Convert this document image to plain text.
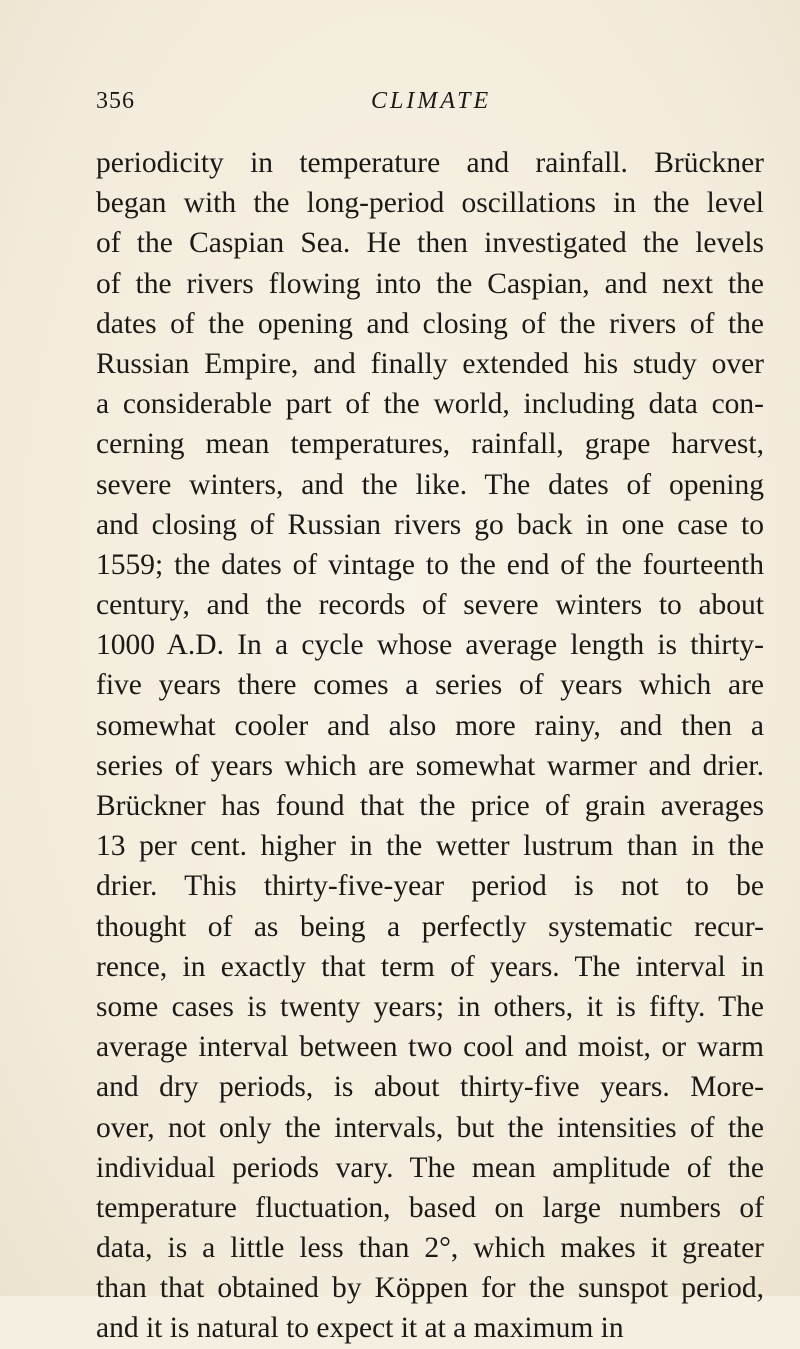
356	CLIMATE
periodicity in temperature and rainfall. Brückner
began with the long-period oscillations in the level
of the Caspian Sea. He then investigated the levels
of the rivers flowing into the Caspian, and next the
dates of the opening and closing of the rivers of the
Russian Empire, and finally extended his study over
a considerable part of the world, including data con-
cerning mean temperatures, rainfall, grape harvest,
severe winters, and the like. The dates of opening
and closing of Russian rivers go back in one case to
1559; the dates of vintage to the end of the fourteenth
century, and the records of severe winters to about
1000 A.D. In a cycle whose average length is thirty-
five years there comes a series of years which are
somewhat cooler and also more rainy, and then a
series of years which are somewhat warmer and drier.
Brückner has found that the price of grain averages
13 per cent. higher in the wetter lustrum than in the
drier. This thirty-five-year period is not to be
thought of as being a perfectly systematic recur-
rence, in exactly that term of years. The interval in
some cases is twenty years; in others, it is fifty. The
average interval between two cool and moist, or warm
and dry periods, is about thirty-five years. More-
over, not only the intervals, but the intensities of the
individual periods vary. The mean amplitude of the
temperature fluctuation, based on large numbers of
data, is a little less than 2°, which makes it greater
than that obtained by Köppen for the sunspot period,
and it is natural to expect it at a maximum in
